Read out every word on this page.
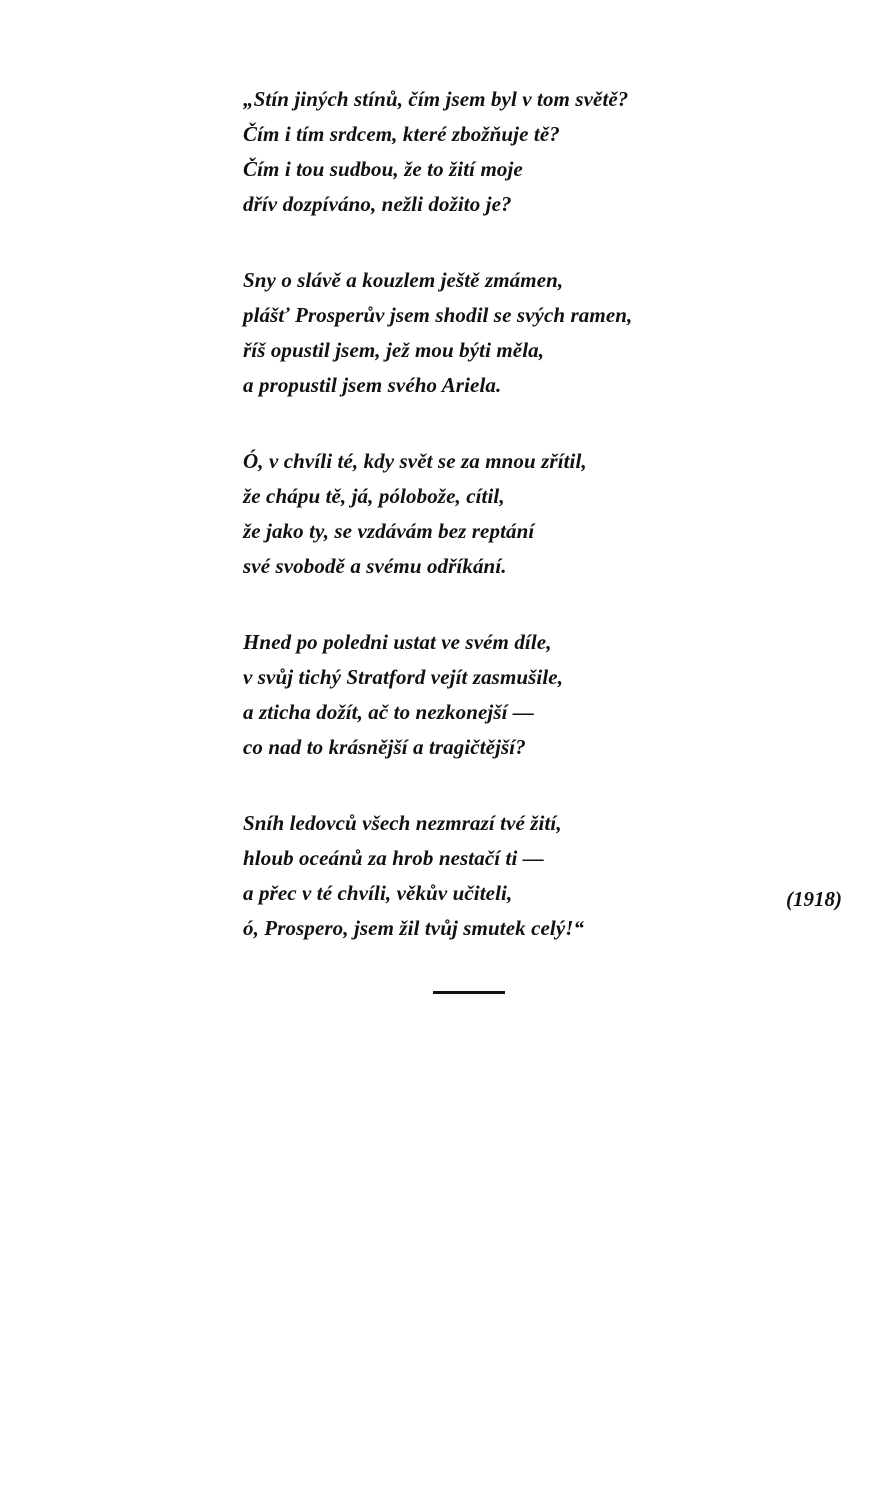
„Stín jiných stínů, čím jsem byl v tom světě?
Čím i tím srdcem, které zbožňuje tě?
Čím i tou sudbou, že to žití moje
dřív dozpíváno, nežli dožito je?
Sny o slávě a kouzlem ještě zmámen,
plášť Prosperův jsem shodil se svých ramen,
říš opustil jsem, jež mou býti měla,
a propustil jsem svého Ariela.
Ó, v chvíli té, kdy svět se za mnou zřítil,
že chápu tě, já, pólobože, cítil,
že jako ty, se vzdávám bez reptání
své svobodě a svému odříkání.
Hned po poledni ustat ve svém díle,
v svůj tichý Stratford vejít zasmušile,
a zticha dožít, ač to nezkonejší —
co nad to krásnější a tragičtější?
Sníh ledovců všech nezmrazí tvé žití,
hloub oceánů za hrob nestačí ti —
a přec v té chvíli, věkův učiteli,
ó, Prospero, jsem žil tvůj smutek celý!“
(1918)
